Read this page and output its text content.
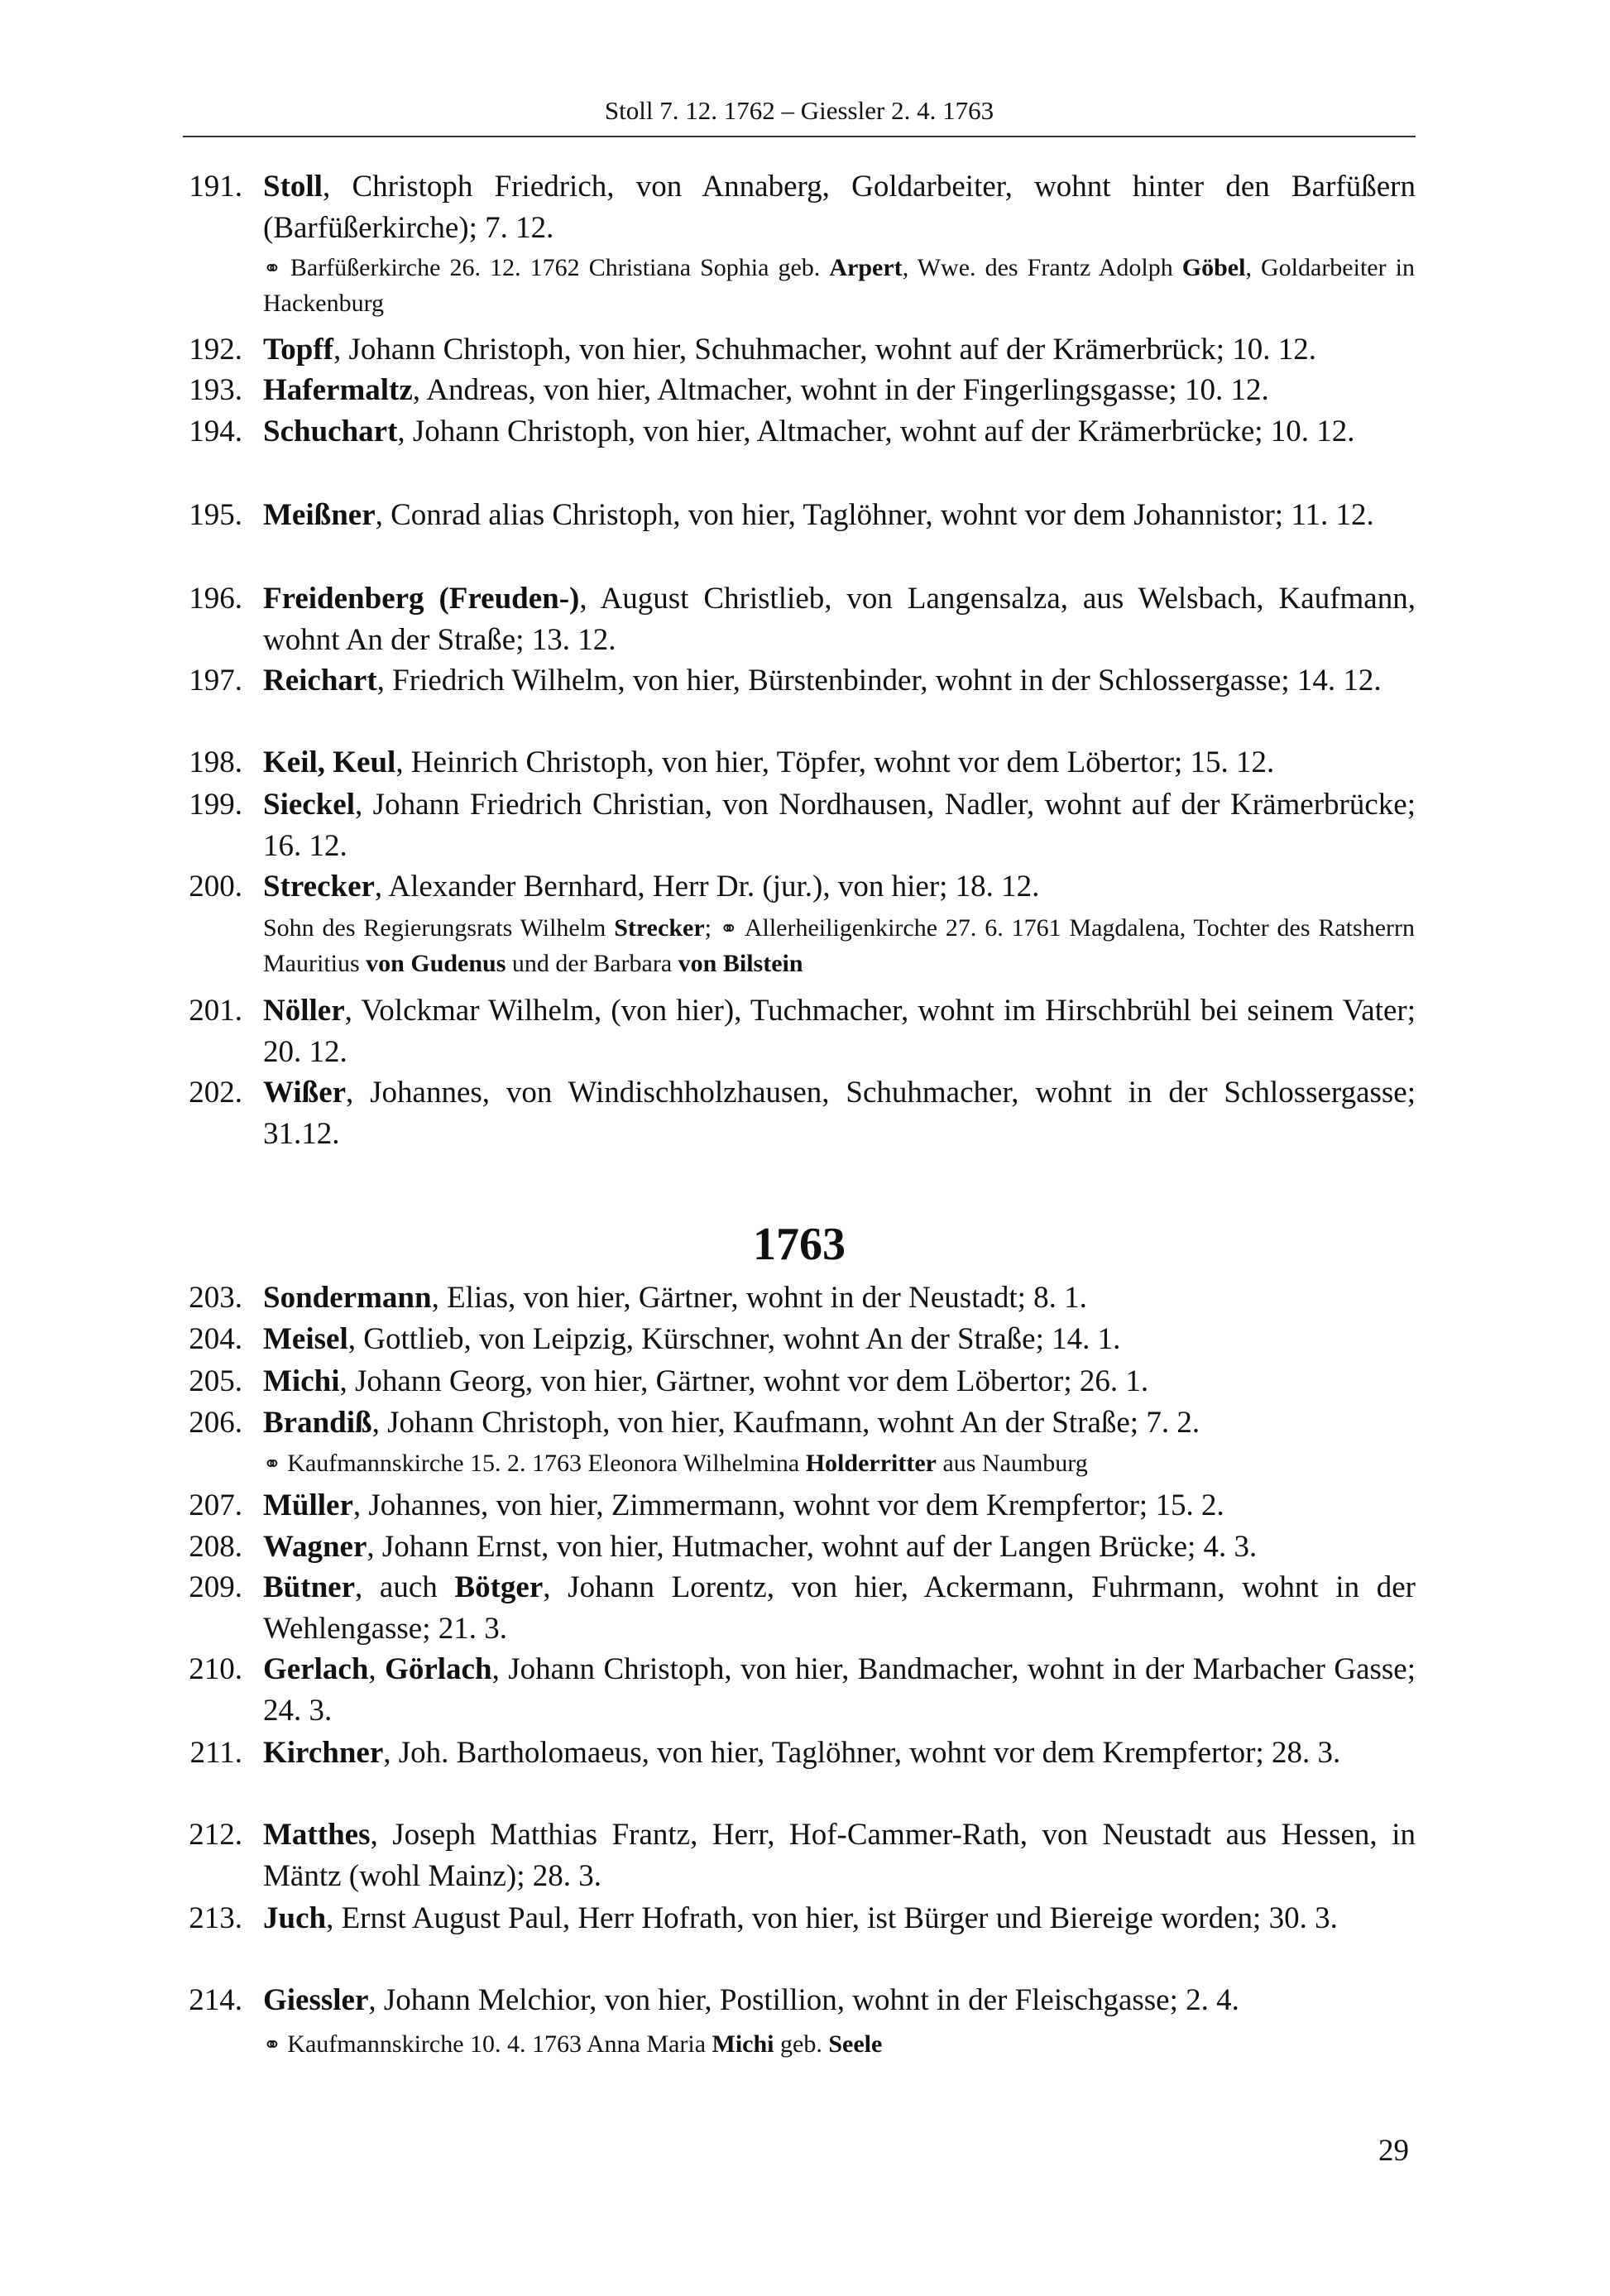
Stoll 7. 12. 1762 – Giessler 2. 4. 1763
191. Stoll, Christoph Friedrich, von Annaberg, Goldarbeiter, wohnt hinter den Barfüßern (Barfüßerkirche); 7. 12.
⚭ Barfüßerkirche 26. 12. 1762 Christiana Sophia geb. Arpert, Wwe. des Frantz Adolph Göbel, Goldarbeiter in Hackenburg
192. Topff, Johann Christoph, von hier, Schuhmacher, wohnt auf der Krämerbrück; 10. 12.
193. Hafermaltz, Andreas, von hier, Altmacher, wohnt in der Fingerlingsgasse; 10. 12.
194. Schuchart, Johann Christoph, von hier, Altmacher, wohnt auf der Krämerbrücke; 10. 12.
195. Meißner, Conrad alias Christoph, von hier, Taglöhner, wohnt vor dem Johannistor; 11. 12.
196. Freidenberg (Freuden-), August Christlieb, von Langensalza, aus Welsbach, Kaufmann, wohnt An der Straße; 13. 12.
197. Reichart, Friedrich Wilhelm, von hier, Bürstenbinder, wohnt in der Schlossergasse; 14. 12.
198. Keil, Keul, Heinrich Christoph, von hier, Töpfer, wohnt vor dem Löbertor; 15. 12.
199. Sieckel, Johann Friedrich Christian, von Nordhausen, Nadler, wohnt auf der Krämerbrücke; 16. 12.
200. Strecker, Alexander Bernhard, Herr Dr. (jur.), von hier; 18. 12.
Sohn des Regierungsrats Wilhelm Strecker; ⚭ Allerheiligenkirche 27. 6. 1761 Magdalena, Tochter des Ratsherrn Mauritius von Gudenus und der Barbara von Bilstein
201. Nöller, Volckmar Wilhelm, (von hier), Tuchmacher, wohnt im Hirschbrühl bei seinem Vater; 20. 12.
202. Wißer, Johannes, von Windischholzhausen, Schuhmacher, wohnt in der Schlossergasse; 31.12.
203. Sondermann, Elias, von hier, Gärtner, wohnt in der Neustadt; 8. 1.
204. Meisel, Gottlieb, von Leipzig, Kürschner, wohnt An der Straße; 14. 1.
205. Michi, Johann Georg, von hier, Gärtner, wohnt vor dem Löbertor; 26. 1.
206. Brandiß, Johann Christoph, von hier, Kaufmann, wohnt An der Straße; 7. 2.
⚭ Kaufmannskirche 15. 2. 1763 Eleonora Wilhelmina Holderritter aus Naumburg
207. Müller, Johannes, von hier, Zimmermann, wohnt vor dem Krempfertor; 15. 2.
208. Wagner, Johann Ernst, von hier, Hutmacher, wohnt auf der Langen Brücke; 4. 3.
209. Bütner, auch Bötger, Johann Lorentz, von hier, Ackermann, Fuhrmann, wohnt in der Wehlengasse; 21. 3.
210. Gerlach, Görlach, Johann Christoph, von hier, Bandmacher, wohnt in der Marbacher Gasse; 24. 3.
211. Kirchner, Joh. Bartholomaeus, von hier, Taglöhner, wohnt vor dem Krempfertor; 28. 3.
212. Matthes, Joseph Matthias Frantz, Herr, Hof-Cammer-Rath, von Neustadt aus Hessen, in Mäntz (wohl Mainz); 28. 3.
213. Juch, Ernst August Paul, Herr Hofrath, von hier, ist Bürger und Biereige worden; 30. 3.
214. Giessler, Johann Melchior, von hier, Postillion, wohnt in der Fleischgasse; 2. 4.
⚭ Kaufmannskirche 10. 4. 1763 Anna Maria Michi geb. Seele
1763
29
